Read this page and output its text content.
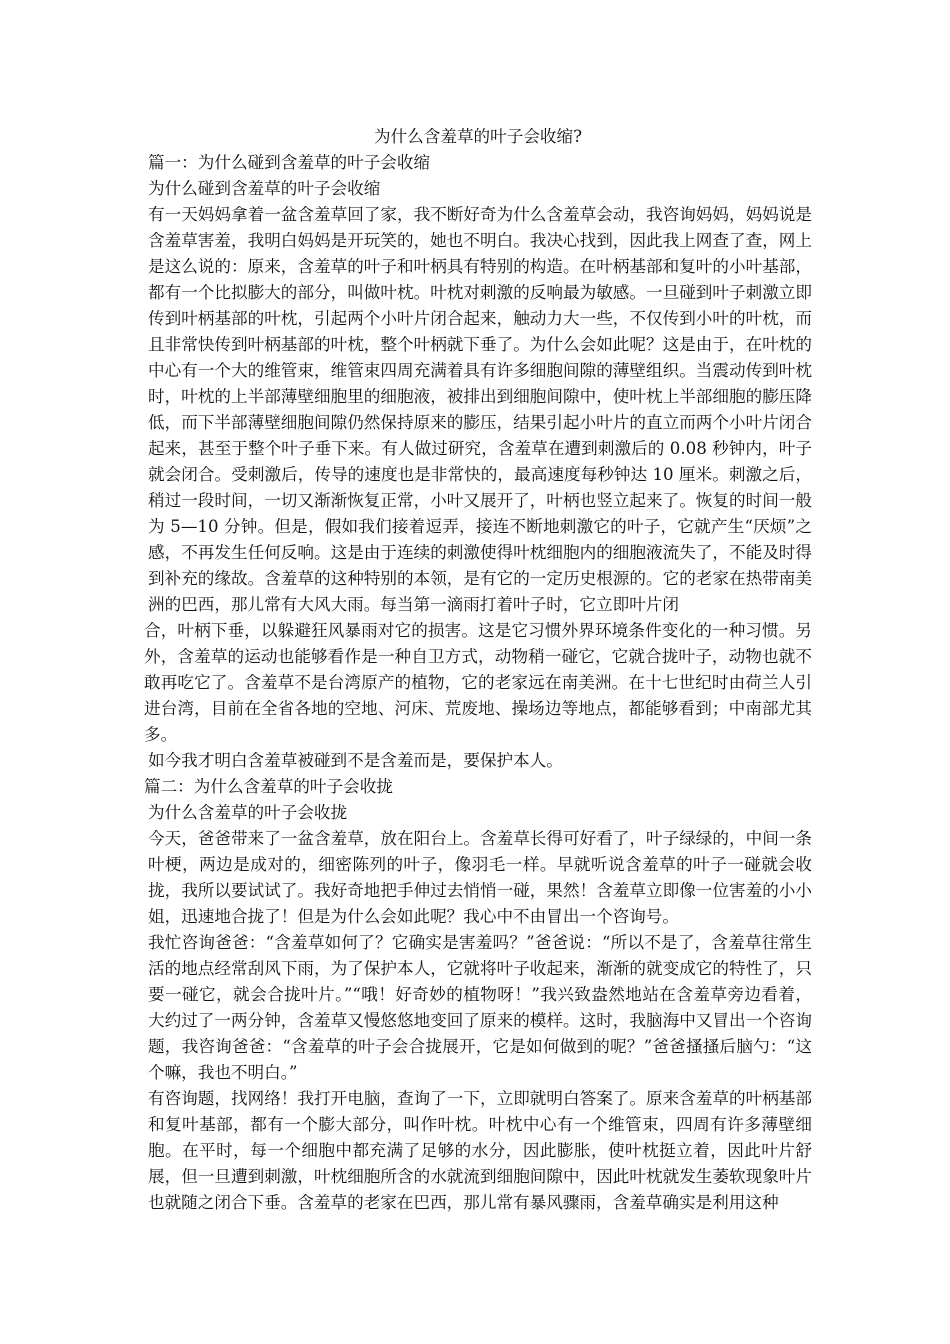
为什么含羞草的叶子会收缩?

篇一：为什么碰到含羞草的叶子会收缩

为什么碰到含羞草的叶子会收缩

有一天妈妈拿着一盆含羞草回了家，我不断好奇为什么含羞草会动，我咨询妈妈，妈妈说是含羞草害羞，我明白妈妈是开玩笑的，她也不明白。我决心找到，因此我上网查了查，网上是这么说的：原来，含羞草的叶子和叶柄具有特别的构造。在叶柄基部和复叶的小叶基部，都有一个比拟膨大的部分，叫做叶枕。叶枕对刺激的反响最为敏感。一旦碰到叶子刺激立即传到叶柄基部的叶枕，引起两个小叶片闭合起来，触动力大一些，不仅传到小叶的叶枕，而且非常快传到叶柄基部的叶枕，整个叶柄就下垂了。为什么会如此呢？这是由于，在叶枕的中心有一个大的维管束，维管束四周充满着具有许多细胞间隙的薄壁组织。当震动传到叶枕时，叶枕的上半部薄壁细胞里的细胞液，被排出到细胞间隙中，使叶枕上半部细胞的膨压降低，而下半部薄壁细胞间隙仍然保持原来的膨压，结果引起小叶片的直立而两个小叶片闭合起来，甚至于整个叶子垂下来。有人做过研究，含羞草在遭到刺激后的 0.08 秒钟内，叶子就会闭合。受刺激后，传导的速度也是非常快的，最高速度每秒钟达 10 厘米。刺激之后，稍过一段时间，一切又渐渐恢复正常，小叶又展开了，叶柄也竖立起来了。恢复的时间一般为 5—10 分钟。但是，假如我们接着逗弄，接连不断地刺激它的叶子，它就产生“厌烦”之感，不再发生任何反响。这是由于连续的刺激使得叶枕细胞内的细胞液流失了，不能及时得到补充的缘故。含羞草的这种特别的本领，是有它的一定历史根源的。它的老家在热带南美洲的巴西，那儿常有大风大雨。每当第一滴雨打着叶子时，它立即叶片闭

合，叶柄下垂，以躲避狂风暴雨对它的损害。这是它习惯外界环境条件变化的一种习惯。另外，含羞草的运动也能够看作是一种自卫方式，动物稍一碰它，它就合拢叶子，动物也就不敢再吃它了。含羞草不是台湾原产的植物，它的老家远在南美洲。在十七世纪时由荷兰人引进台湾，目前在全省各地的空地、河床、荒废地、操场边等地点，都能够看到；中南部尤其多。

如今我才明白含羞草被碰到不是含羞而是，要保护本人。

篇二：为什么含羞草的叶子会收拢

为什么含羞草的叶子会收拢

今天，爸爸带来了一盆含羞草，放在阳台上。含羞草长得可好看了，叶子绿绿的，中间一条叶梗，两边是成对的，细密陈列的叶子，像羽毛一样。早就听说含羞草的叶子一碰就会收拢，我所以要试试了。我好奇地把手伸过去悄悄一碰，果然！含羞草立即像一位害羞的小小姐，迅速地合拢了！但是为什么会如此呢？我心中不由冒出一个咨询号。

我忙咨询爸爸：“含羞草如何了？它确实是害羞吗？”爸爸说：“所以不是了，含羞草往常生活的地点经常刮风下雨，为了保护本人，它就将叶子收起来，渐渐的就变成它的特性了，只要一碰它，就会合拢叶片。”“哦！好奇妙的植物呀！”我兴致盎然地站在含羞草旁边看着，大约过了一两分钟，含羞草又慢悠悠地变回了原来的模样。这时，我脑海中又冒出一个咨询题，我咨询爸爸：“含羞草的叶子会合拢展开，它是如何做到的呢？”爸爸搔搔后脑勺：“这个嘛，我也不明白。”

有咨询题，找网络！我打开电脑，查询了一下，立即就明白答案了。原来含羞草的叶柄基部和复叶基部，都有一个膨大部分，叫作叶枕。叶枕中心有一个维管束，四周有许多薄壁细胞。在平时，每一个细胞中都充满了足够的水分，因此膨胀，使叶枕挺立着，因此叶片舒展，但一旦遭到刺激，叶枕细胞所含的水就流到细胞间隙中，因此叶枕就发生萎软现象叶片也就随之闭合下垂。含羞草的老家在巴西，那儿常有暴风骤雨，含羞草确实是利用这种
